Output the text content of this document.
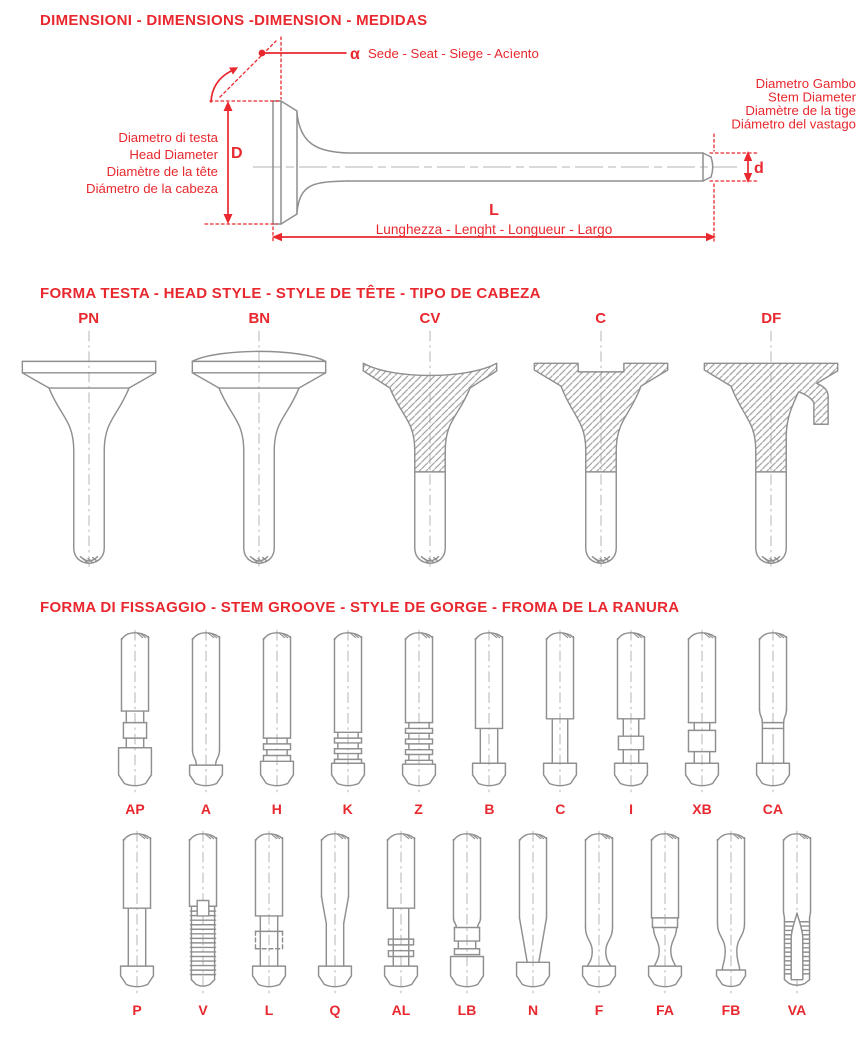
DIMENSIONI - DIMENSIONS -DIMENSION - MEDIDAS
α Sede - Seat - Siege - Acìento
D
Diametro di testa
Head Diameter
Diamètre de la tête
Diámetro de la cabeza
d
Diametro Gambo
Stem Diameter
Diamètre de la tige
Diámetro del vastago
L
Lunghezza - Lenght - Longueur - Largo
FORMA TESTA - HEAD STYLE - STYLE DE TÊTE - TIPO DE CABEZA
PN	BN	CV	C	DF
FORMA DI FISSAGGIO - STEM GROOVE - STYLE DE GORGE - FROMA DE LA RANURA
AP	A	H	K	Z	B	C	I	XB	CA
P	V	L	Q	AL	LB	N	F	FA	FB	VA
